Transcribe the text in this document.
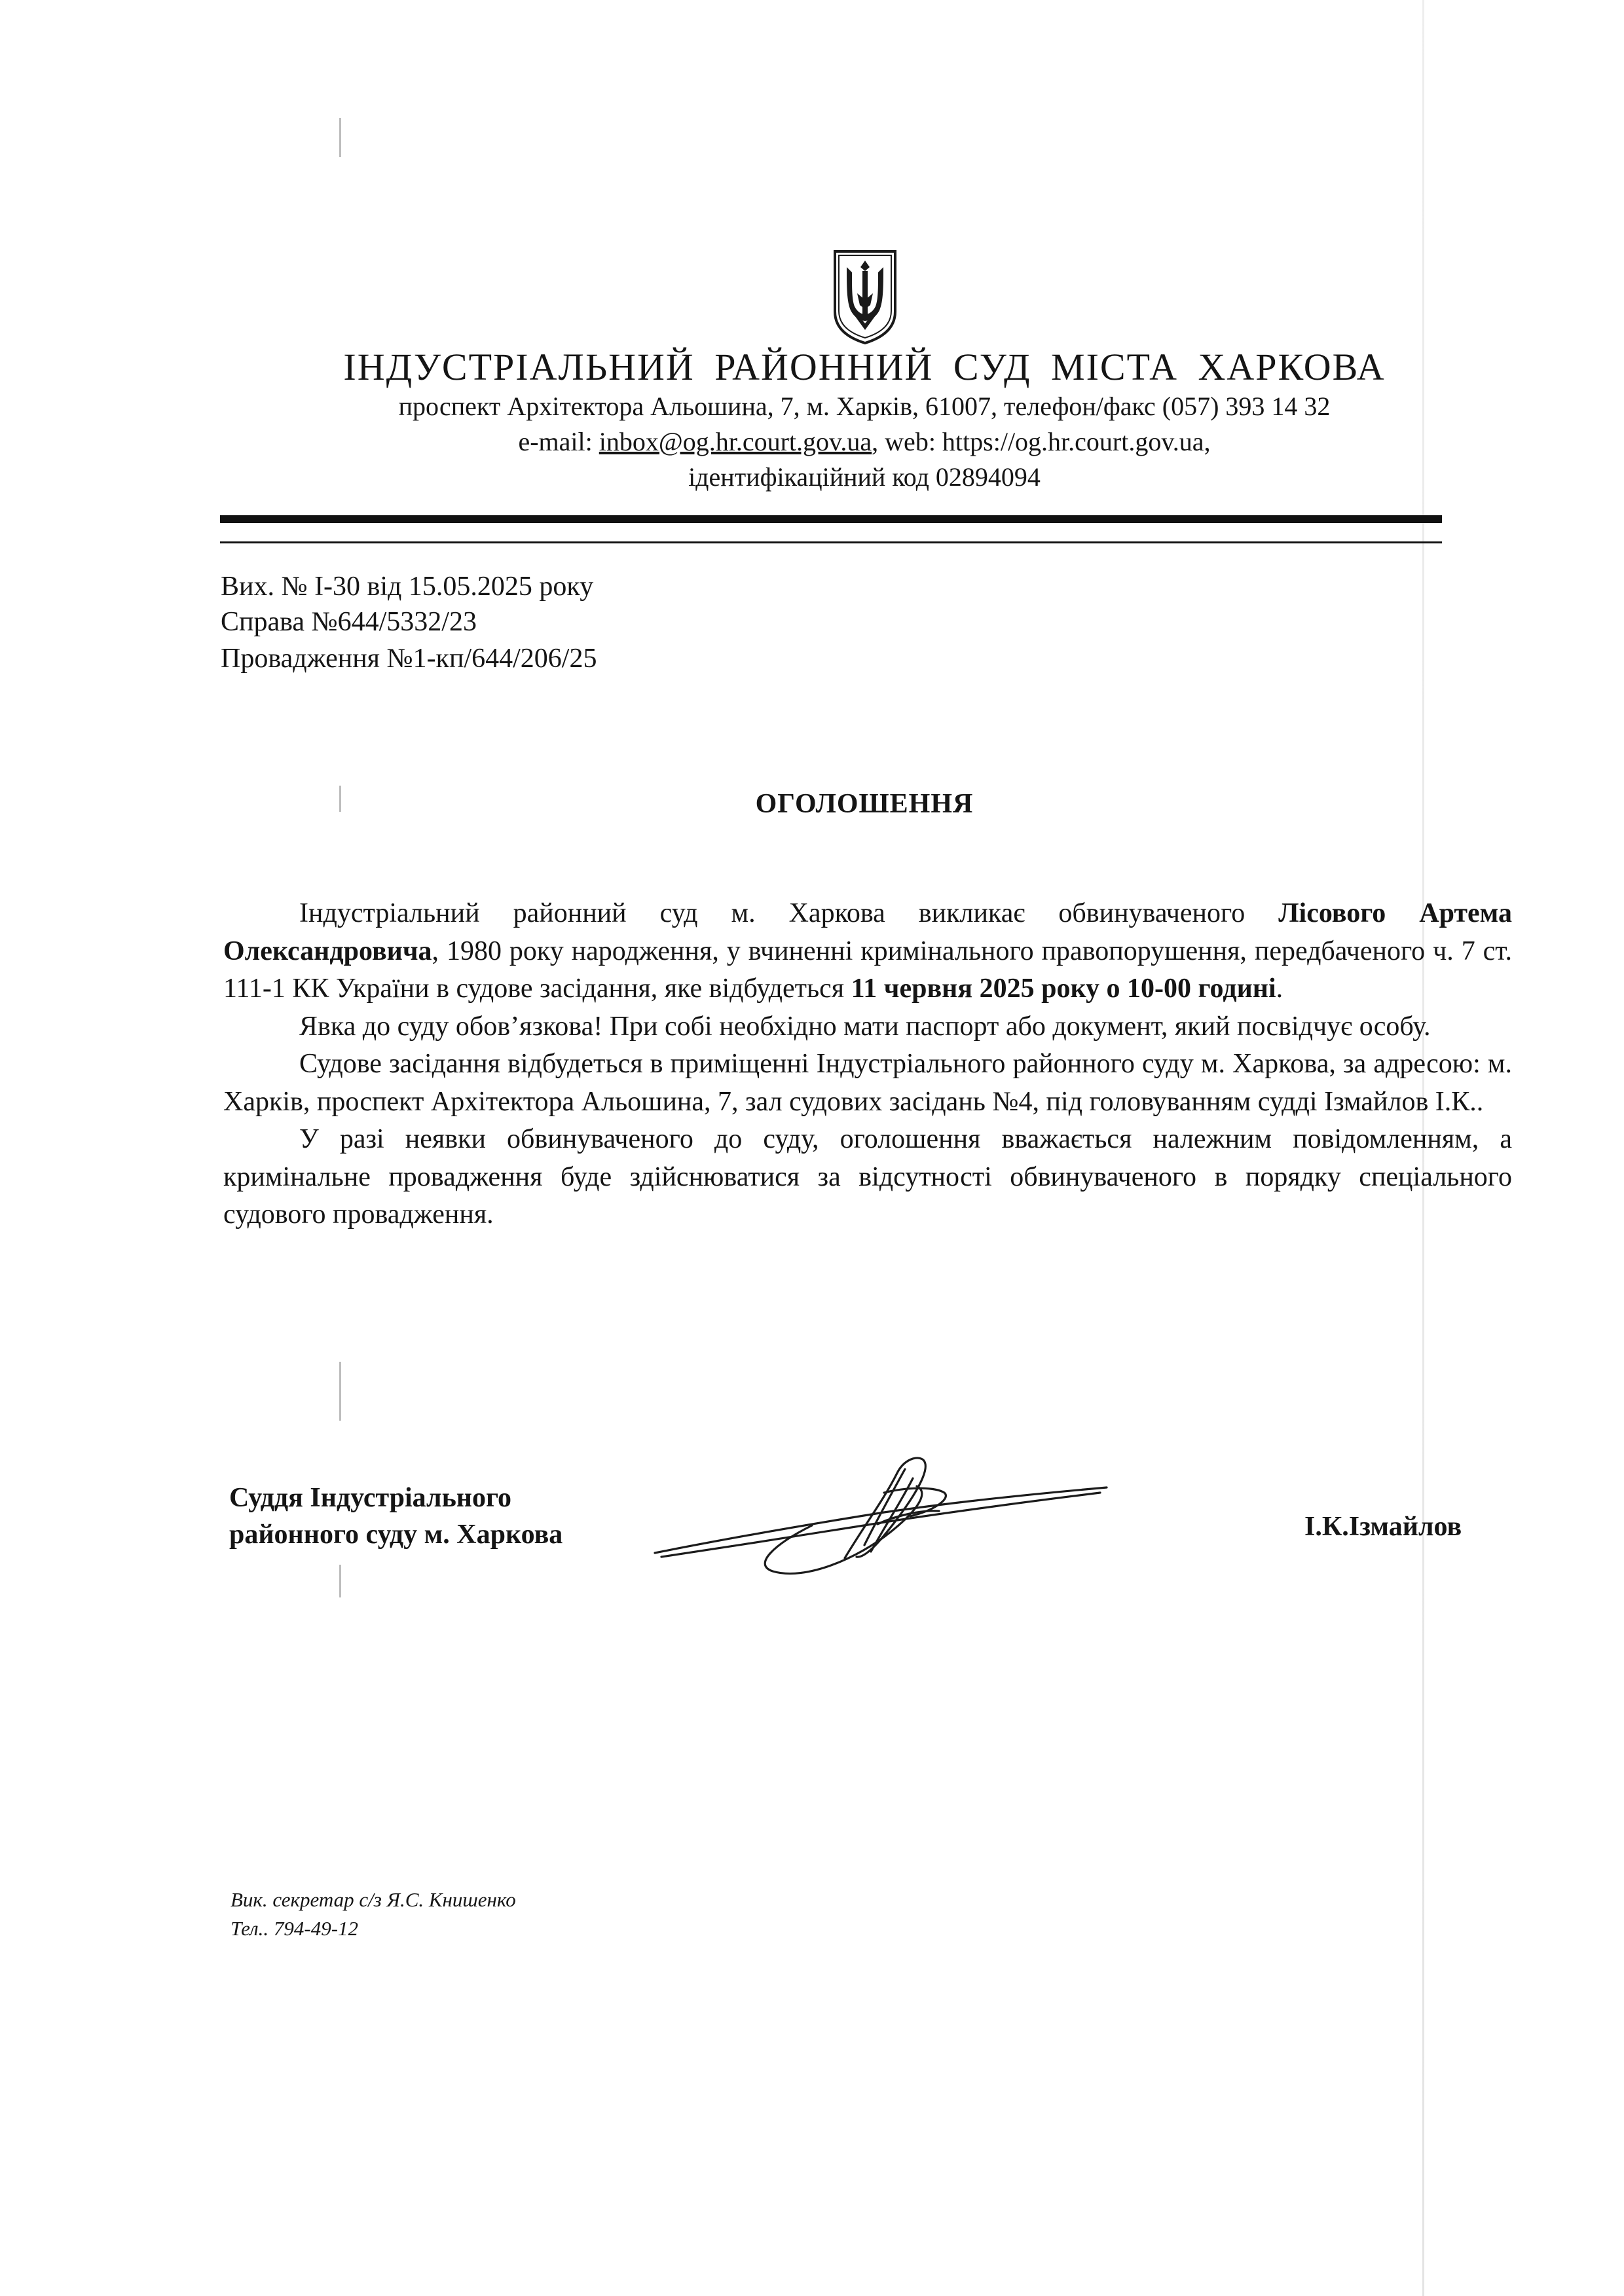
ІНДУСТРІАЛЬНИЙ РАЙОННИЙ СУД МІСТА ХАРКОВА
проспект Архітектора Альошина, 7, м. Харків, 61007, телефон/факс (057) 393 14 32
e-mail: inbox@og.hr.court.gov.ua, web: https://og.hr.court.gov.ua,
ідентифікаційний код 02894094
Вих. № І-30 від 15.05.2025 року
Справа №644/5332/23
Провадження №1-кп/644/206/25
ОГОЛОШЕННЯ

Індустріальний районний суд м. Харкова викликає обвинуваченого Лісового Артема Олександровича, 1980 року народження, у вчиненні кримінального правопорушення, передбаченого ч. 7 ст. 111-1 КК України в судове засідання, яке відбудеться 11 червня 2025 року о 10-00 годині.

Явка до суду обов’язкова! При собі необхідно мати паспорт або документ, який посвідчує особу.

Судове засідання відбудеться в приміщенні Індустріального районного суду м. Харкова, за адресою: м. Харків, проспект Архітектора Альошина, 7, зал судових засідань №4, під головуванням судді Ізмайлов І.К..

У разі неявки обвинуваченого до суду, оголошення вважається належним повідомленням, а кримінальне провадження буде здійснюватися за відсутності обвинуваченого в порядку спеціального судового провадження.

Суддя Індустріального
районного суду м. Харкова	І.К.Ізмайлов
Вик. секретар с/з Я.С. Книшенко
Тел.. 794-49-12
